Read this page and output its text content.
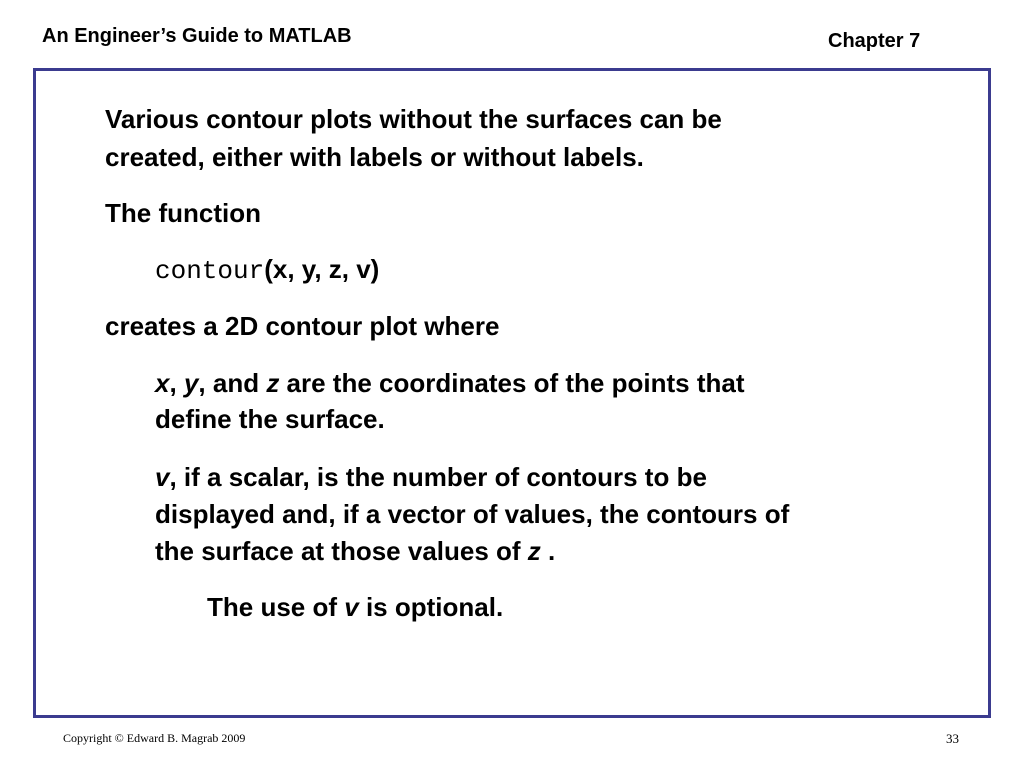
An Engineer’s Guide to MATLAB	Chapter 7
Various contour plots without the surfaces can be
created, either with labels or without labels.
The function
contour(x, y, z, v)
creates a 2D contour plot where
x, y, and z are the coordinates of the points that
define the surface.
v, if a scalar, is the number of contours to be
displayed and, if a vector of values, the contours of
the surface at those values of z .
The use of v is optional.
Copyright © Edward B. Magrab 2009	33
